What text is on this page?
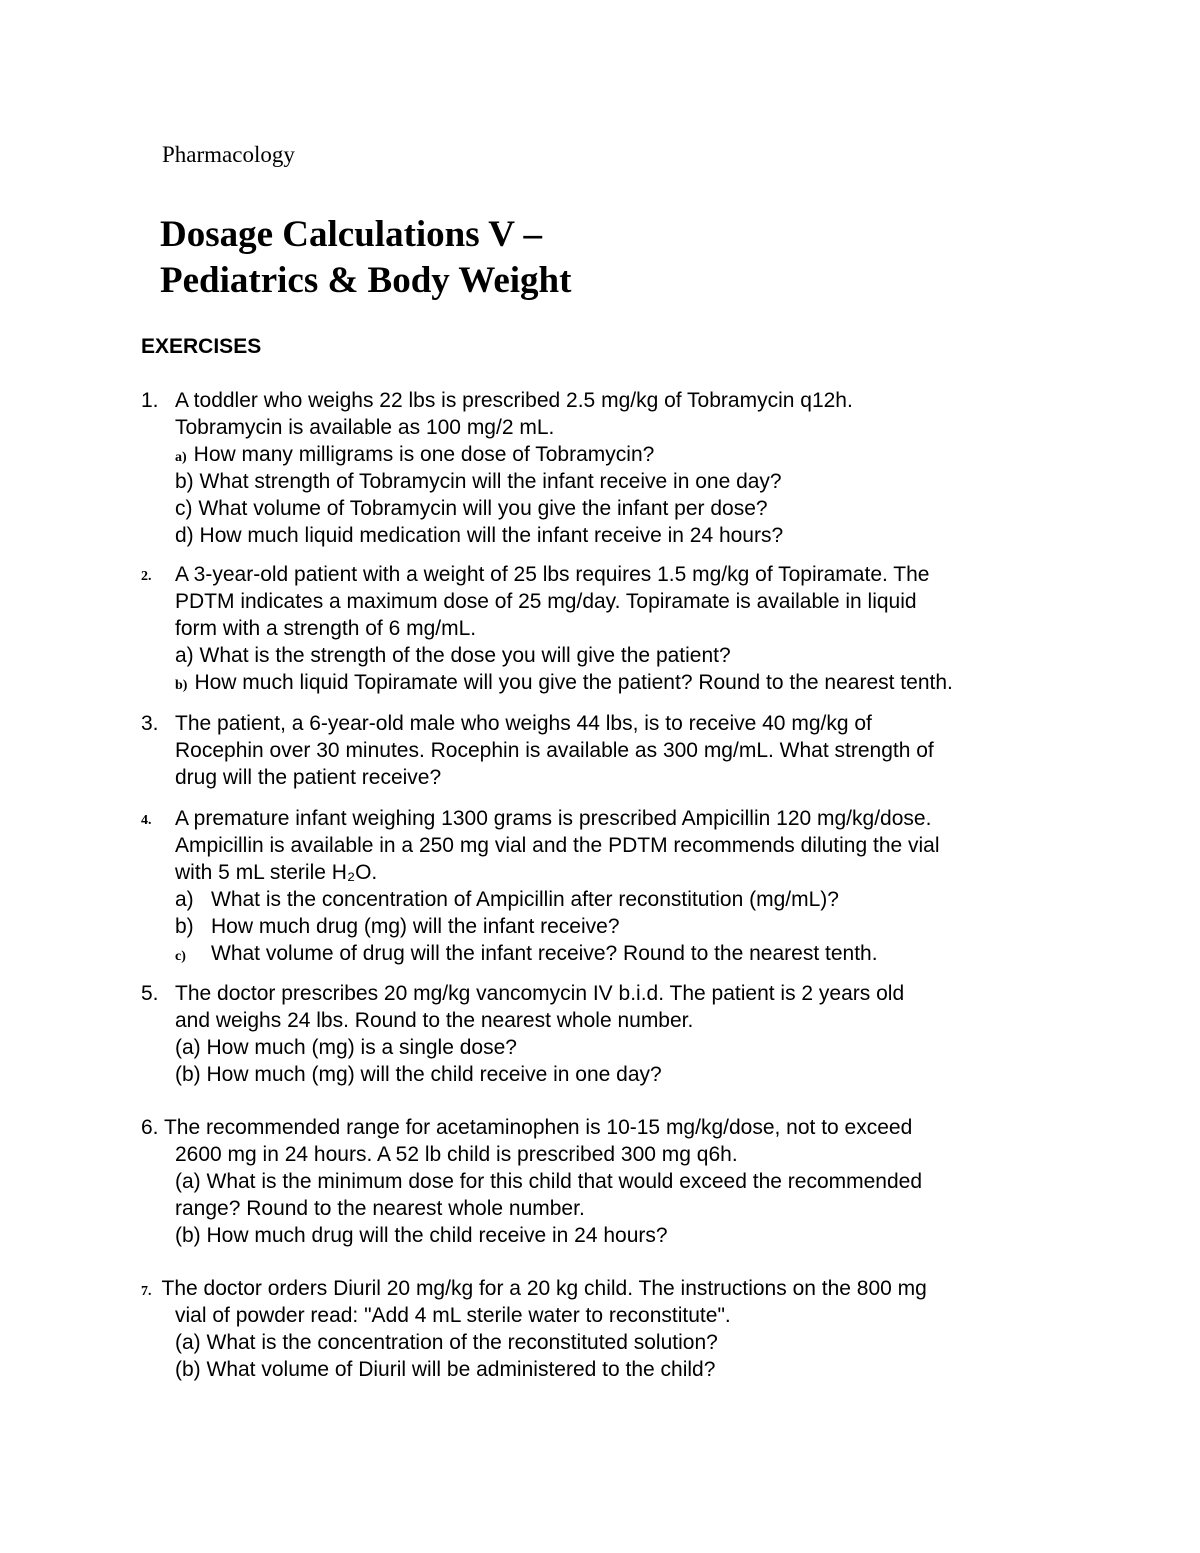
Pharmacology
Dosage Calculations V –
Pediatrics & Body Weight
EXERCISES
1. A toddler who weighs 22 lbs is prescribed 2.5 mg/kg of Tobramycin q12h.
Tobramycin is available as 100 mg/2 mL.
a) How many milligrams is one dose of Tobramycin?
b) What strength of Tobramycin will the infant receive in one day?
c) What volume of Tobramycin will you give the infant per dose?
d) How much liquid medication will the infant receive in 24 hours?
2. A 3-year-old patient with a weight of 25 lbs requires 1.5 mg/kg of Topiramate. The
PDTM indicates a maximum dose of 25 mg/day. Topiramate is available in liquid
form with a strength of 6 mg/mL.
a) What is the strength of the dose you will give the patient?
b) How much liquid Topiramate will you give the patient? Round to the nearest tenth.
3. The patient, a 6-year-old male who weighs 44 lbs, is to receive 40 mg/kg of
Rocephin over 30 minutes. Rocephin is available as 300 mg/mL. What strength of
drug will the patient receive?
4. A premature infant weighing 1300 grams is prescribed Ampicillin 120 mg/kg/dose.
Ampicillin is available in a 250 mg vial and the PDTM recommends diluting the vial
with 5 mL sterile H₂O.
a) What is the concentration of Ampicillin after reconstitution (mg/mL)?
b) How much drug (mg) will the infant receive?
c) What volume of drug will the infant receive? Round to the nearest tenth.
5. The doctor prescribes 20 mg/kg vancomycin IV b.i.d. The patient is 2 years old
and weighs 24 lbs. Round to the nearest whole number.
(a) How much (mg) is a single dose?
(b) How much (mg) will the child receive in one day?
6. The recommended range for acetaminophen is 10-15 mg/kg/dose, not to exceed
2600 mg in 24 hours. A 52 lb child is prescribed 300 mg q6h.
(a) What is the minimum dose for this child that would exceed the recommended
range? Round to the nearest whole number.
(b) How much drug will the child receive in 24 hours?
7. The doctor orders Diuril 20 mg/kg for a 20 kg child. The instructions on the 800 mg
vial of powder read: "Add 4 mL sterile water to reconstitute".
(a) What is the concentration of the reconstituted solution?
(b) What volume of Diuril will be administered to the child?
